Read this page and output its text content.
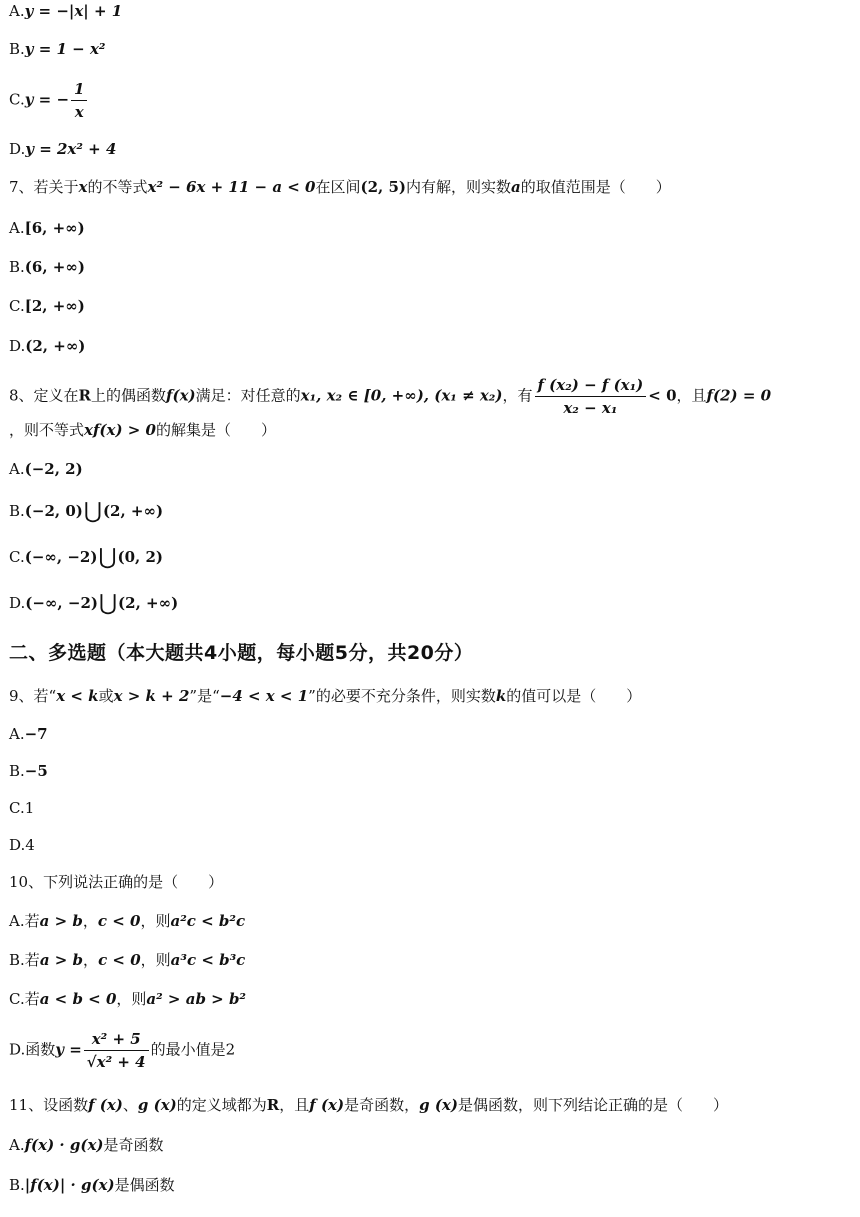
A.y = −|x| + 1
B.y = 1 − x²
C.y = − $\frac{1}{x}$
D.y = 2x² + 4
7、若关于x的不等式x² − 6x + 11 − a < 0在区间(2, 5)内有解，则实数a的取值范围是（　　）
A.[6, +∞)
B.(6, +∞)
C.[2, +∞)
D.(2, +∞)
8、定义在R上的偶函数f(x)满足：对任意的x₁, x₂ ∈ [0, +∞), (x₁ ≠ x₂)，有 $\frac{\text{f (x₂) − f (x₁)}}{\text{x₂ − x₁}} < 0$，且f(2) = 0
，则不等式xf(x) > 0的解集是（　　）
A.(−2, 2)
B.(−2, 0)⋃(2, +∞)
C.(−∞, −2)⋃(0, 2)
D.(−∞, −2)⋃(2, +∞)
二、多选题（本大题共4小题，每小题5分，共20分）
9、若“x < k或x > k + 2”是“−4 < x < 1”的必要不充分条件，则实数k的值可以是（　　）
A.−7
B.−5
C.1
D.4
10、下列说法正确的是（　　）
A.若a > b，c < 0，则a²c < b²c
B.若a > b，c < 0，则a³c < b³c
C.若a < b < 0，则a² > ab > b²
D.函数$y = \frac{\text{x² + 5}}{\text{√x² + 4}}$ 的最小值是2
11、设函数f (x)、g (x)的定义域都为R，且f (x)是奇函数，g (x)是偶函数，则下列结论正确的是（　　）
A.f(x) · g(x)是奇函数
B.|f(x)| · g(x)是偶函数
